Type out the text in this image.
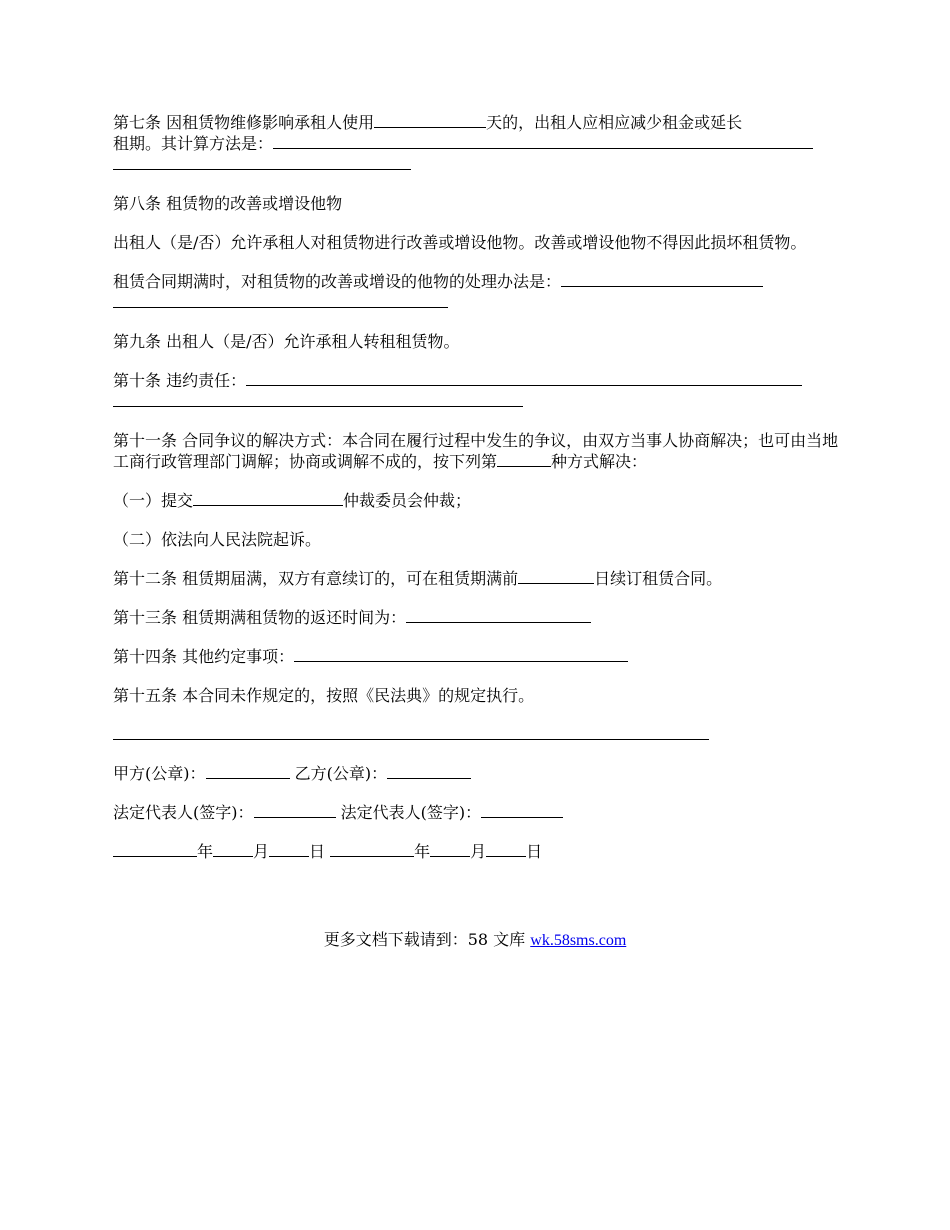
第七条 因租赁物维修影响承租人使用	天的，出租人应相应减少租金或延长
租期。其计算方法是：

第八条 租赁物的改善或增设他物

出租人（是/否）允许承租人对租赁物进行改善或增设他物。改善或增设他物不得因此损坏租赁物。

租赁合同期满时，对租赁物的改善或增设的他物的处理办法是：

第九条 出租人（是/否）允许承租人转租租赁物。

第十条 违约责任：

第十一条 合同争议的解决方式：本合同在履行过程中发生的争议，由双方当事人协商解决；也可由当地工商行政管理部门调解；协商或调解不成的，按下列第	种方式解决：

（一）提交	仲裁委员会仲裁；

（二）依法向人民法院起诉。

第十二条 租赁期届满，双方有意续订的，可在租赁期满前	日续订租赁合同。

第十三条 租赁期满租赁物的返还时间为：

第十四条 其他约定事项：

第十五条 本合同未作规定的，按照《民法典》的规定执行。

甲方(公章)：	乙方(公章)：

法定代表人(签字)：	法定代表人(签字)：

年	月	日	年	月	日

更多文档下载请到：58 文库 wk.58sms.com
